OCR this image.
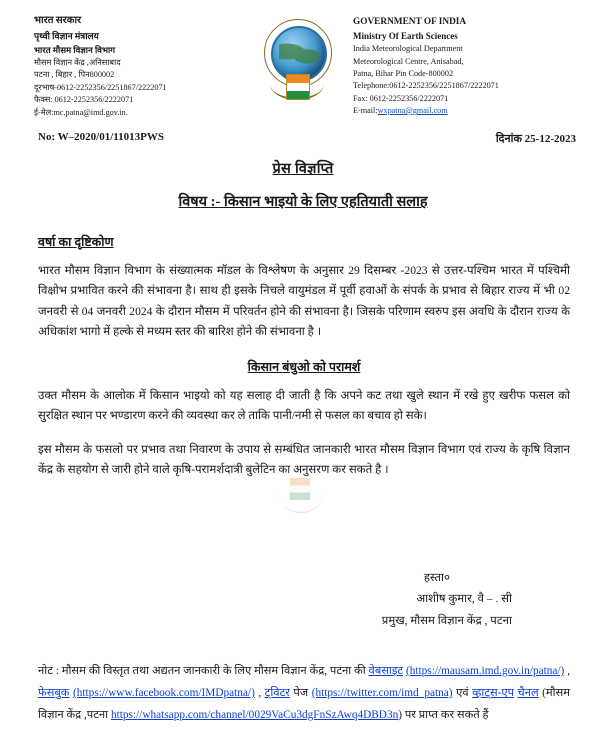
भारत सरकार
पृथ्वी विज्ञान मंत्रालय
भारत मौसम विज्ञान विभाग
मौसम विज्ञान केंद्र ,अनिसाबाद
पटना , बिहार , पिन800002
दूरभाष-0612-2252356/2251867/2222071
फैक्स: 0612-2252356/2222071
ई-मेल:mc.patna@imd.gov.in.
GOVERNMENT OF INDIA
Ministry Of Earth Sciences
India Meteorological Department
Meteorological Centre, Anisabad,
Patna, Bihar Pin Code-800002
Telephone:0612-2252356/2251867/2222071
Fax: 0612-2252356/2222071
E-mail:wxpatna@gmail.com
No: W–2020/01/11013PWS	दिनांक 25-12-2023
प्रेस विज्ञप्ति
विषय :- किसान भाइयो के लिए एहतियाती सलाह
वर्षा का दृष्टिकोण

भारत मौसम विज्ञान विभाग के संख्यात्मक मॉडल के विश्लेषण के अनुसार 29 दिसम्बर -2023 से उत्तर-पश्चिम भारत में पश्चिमी विक्षोभ प्रभावित करने की संभावना है। साथ ही इसके निचले वायुमंडल में पूर्वी हवाओं के संपर्क के प्रभाव से बिहार राज्य में भी 02 जनवरी से 04 जनवरी 2024 के दौरान मौसम में परिवर्तन होने की संभावना है। जिसके परिणाम स्वरुप इस अवधि के दौरान राज्य के अधिकांश भागो में हल्के से मध्यम स्तर की बारिश होने की संभावना है ।

किसान बंधुओ को परामर्श

उक्त मौसम के आलोक में किसान भाइयो को यह सलाह दी जाती है कि अपने कट तथा खुले स्थान में रखे हुए खरीफ फसल को सुरक्षित स्थान पर भण्डारण करने की व्यवस्था कर ले ताकि पानी/नमी से फसल का बचाव हो सके।

इस मौसम के फसलो पर प्रभाव तथा निवारण के उपाय से सम्बंधित जानकारी भारत मौसम विज्ञान विभाग एवं राज्य के कृषि विज्ञान केंद्र के सहयोग से जारी होने वाले कृषि-परामर्शदात्री बुलेटिन का अनुसरण कर सकते है ।

हस्ता०
आशीष कुमार, वै – . सी
प्रमुख, मौसम विज्ञान केंद्र , पटना
नोट : मौसम की विस्तृत तथा अद्यतन जानकारी के लिए मौसम विज्ञान केंद्र, पटना की वेबसाइट (https://mausam.imd.gov.in/patna/) , फेसबुक (https://www.facebook.com/IMDpatna/) , ट्विटर पेज (https://twitter.com/imd_patna) एवं व्हाट्स-एप चैनल (मौसम विज्ञान केंद्र ,पटना https://whatsapp.com/channel/0029VaCu3dgFnSzAwq4DBD3n) पर प्राप्त कर सकते हैं
